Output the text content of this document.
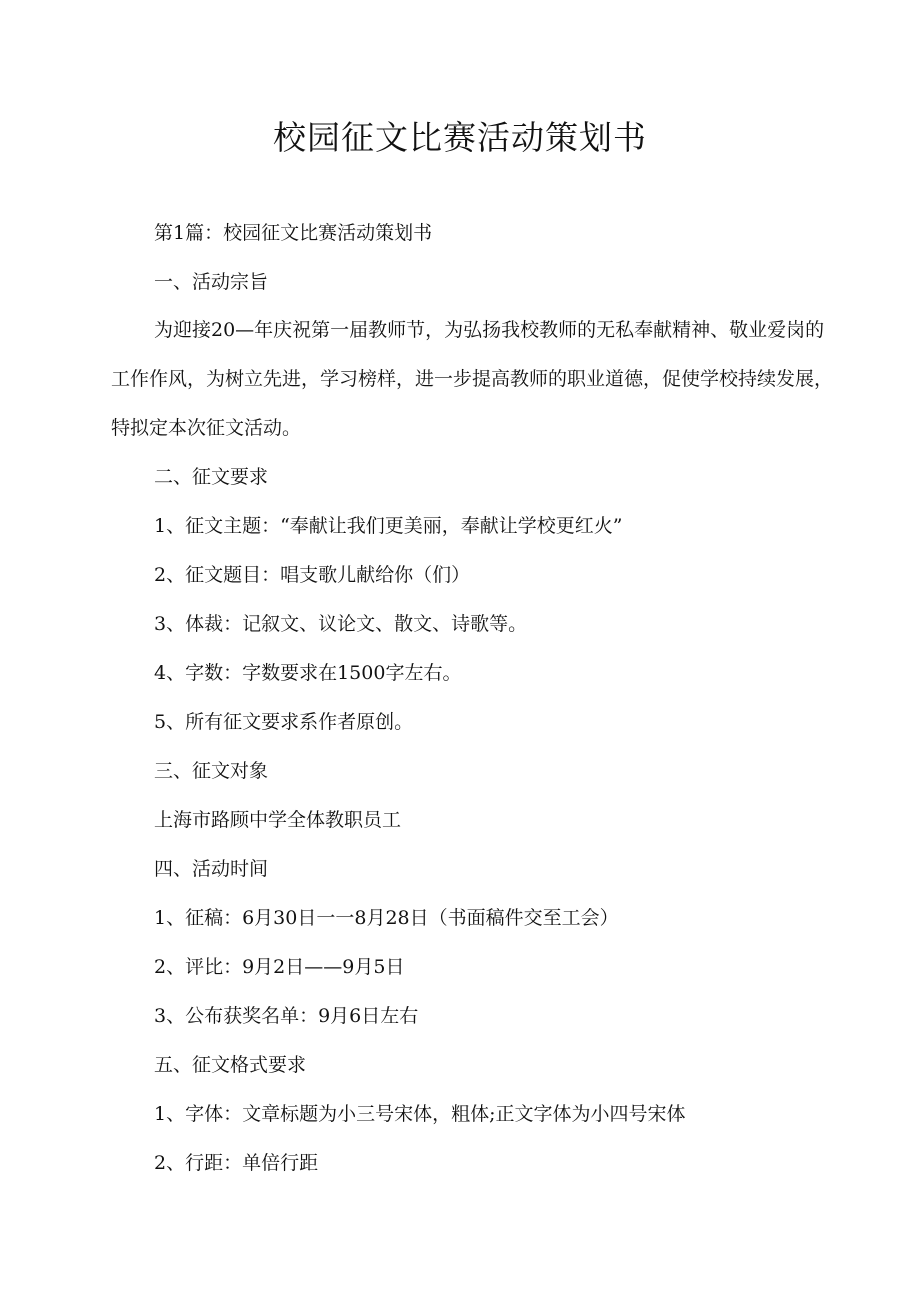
校园征文比赛活动策划书

第1篇：校园征文比赛活动策划书

一、活动宗旨

为迎接20—年庆祝第一届教师节，为弘扬我校教师的无私奉献精神、敬业爱岗的

工作作风，为树立先进，学习榜样，进一步提高教师的职业道德，促使学校持续发展，

特拟定本次征文活动。

二、征文要求

1、征文主题：“奉献让我们更美丽，奉献让学校更红火”

2、征文题目：唱支歌儿献给你（们）

3、体裁：记叙文、议论文、散文、诗歌等。

4、字数：字数要求在1500字左右。

5、所有征文要求系作者原创。

三、征文对象

上海市路顾中学全体教职员工

四、活动时间

1、征稿：6月30日一一8月28日（书面稿件交至工会）

2、评比：9月2日——9月5日

3、公布获奖名单：9月6日左右

五、征文格式要求

1、字体：文章标题为小三号宋体，粗体;正文字体为小四号宋体

2、行距：单倍行距
